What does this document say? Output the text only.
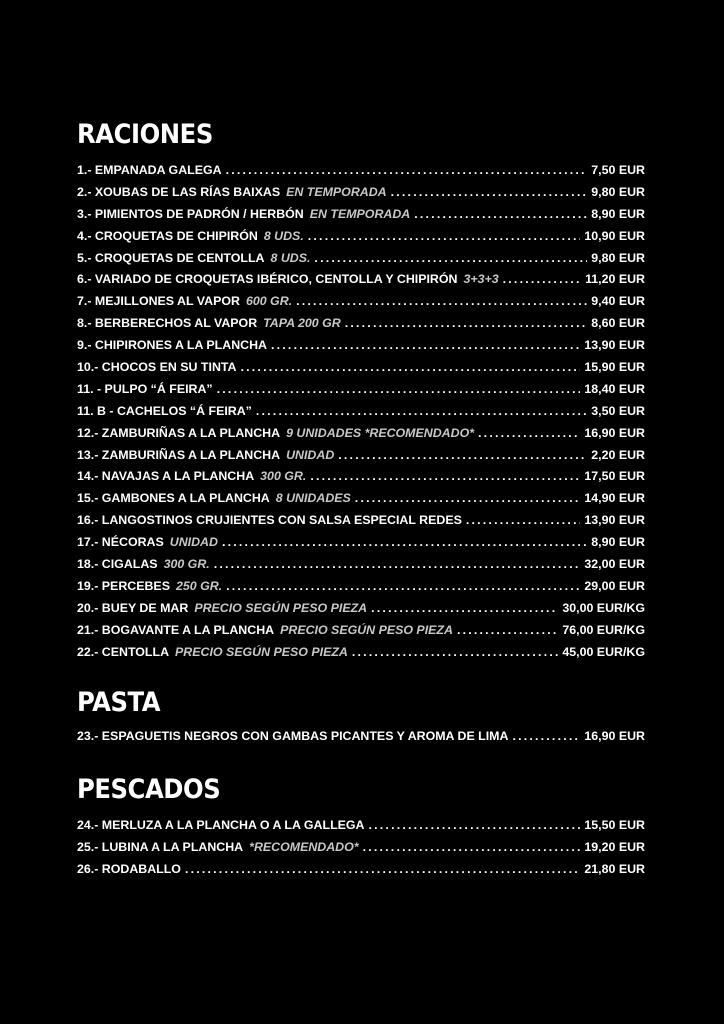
RACIONES
1.- EMPANADA GALEGA .....	7,50 EUR
2.- XOUBAS DE LAS RÍAS BAIXAS EN TEMPORADA .....	9,80 EUR
3.- PIMIENTOS DE PADRÓN / HERBÓN EN TEMPORADA .....	8,90 EUR
4.- CROQUETAS DE CHIPIRÓN 8 UDS. .....	10,90 EUR
5.- CROQUETAS DE CENTOLLA 8 UDS. .....	9,80 EUR
6.- VARIADO DE CROQUETAS IBÉRICO, CENTOLLA Y CHIPIRÓN 3+3+3 .....	11,20 EUR
7.- MEJILLONES AL VAPOR 600 GR. .....	9,40 EUR
8.- BERBERECHOS AL VAPOR TAPA 200 GR .....	8,60 EUR
9.- CHIPIRONES A LA PLANCHA .....	13,90 EUR
10.- CHOCOS EN SU TINTA .....	15,90 EUR
11. - PULPO “Á FEIRA” .....	18,40 EUR
11. B - CACHELOS “Á FEIRA” .....	3,50 EUR
12.- ZAMBURIÑAS A LA PLANCHA 9 UNIDADES *RECOMENDADO* .....	16,90 EUR
13.- ZAMBURIÑAS A LA PLANCHA UNIDAD .....	2,20 EUR
14.- NAVAJAS A LA PLANCHA 300 GR. .....	17,50 EUR
15.- GAMBONES A LA PLANCHA 8 UNIDADES .....	14,90 EUR
16.- LANGOSTINOS CRUJIENTES CON SALSA ESPECIAL REDES .....	13,90 EUR
17.- NÉCORAS UNIDAD .....	8,90 EUR
18.- CIGALAS 300 GR. .....	32,00 EUR
19.- PERCEBES 250 GR. .....	29,00 EUR
20.- BUEY DE MAR PRECIO SEGÚN PESO PIEZA .....	30,00 EUR/KG
21.- BOGAVANTE A LA PLANCHA PRECIO SEGÚN PESO PIEZA .....	76,00 EUR/KG
22.- CENTOLLA PRECIO SEGÚN PESO PIEZA .....	45,00 EUR/KG
PASTA
23.- ESPAGUETIS NEGROS CON GAMBAS PICANTES Y AROMA DE LIMA .....	16,90 EUR
PESCADOS
24.- MERLUZA A LA PLANCHA O A LA GALLEGA .....	15,50 EUR
25.- LUBINA A LA PLANCHA *RECOMENDADO* .....	19,20 EUR
26.- RODABALLO .....	21,80 EUR
